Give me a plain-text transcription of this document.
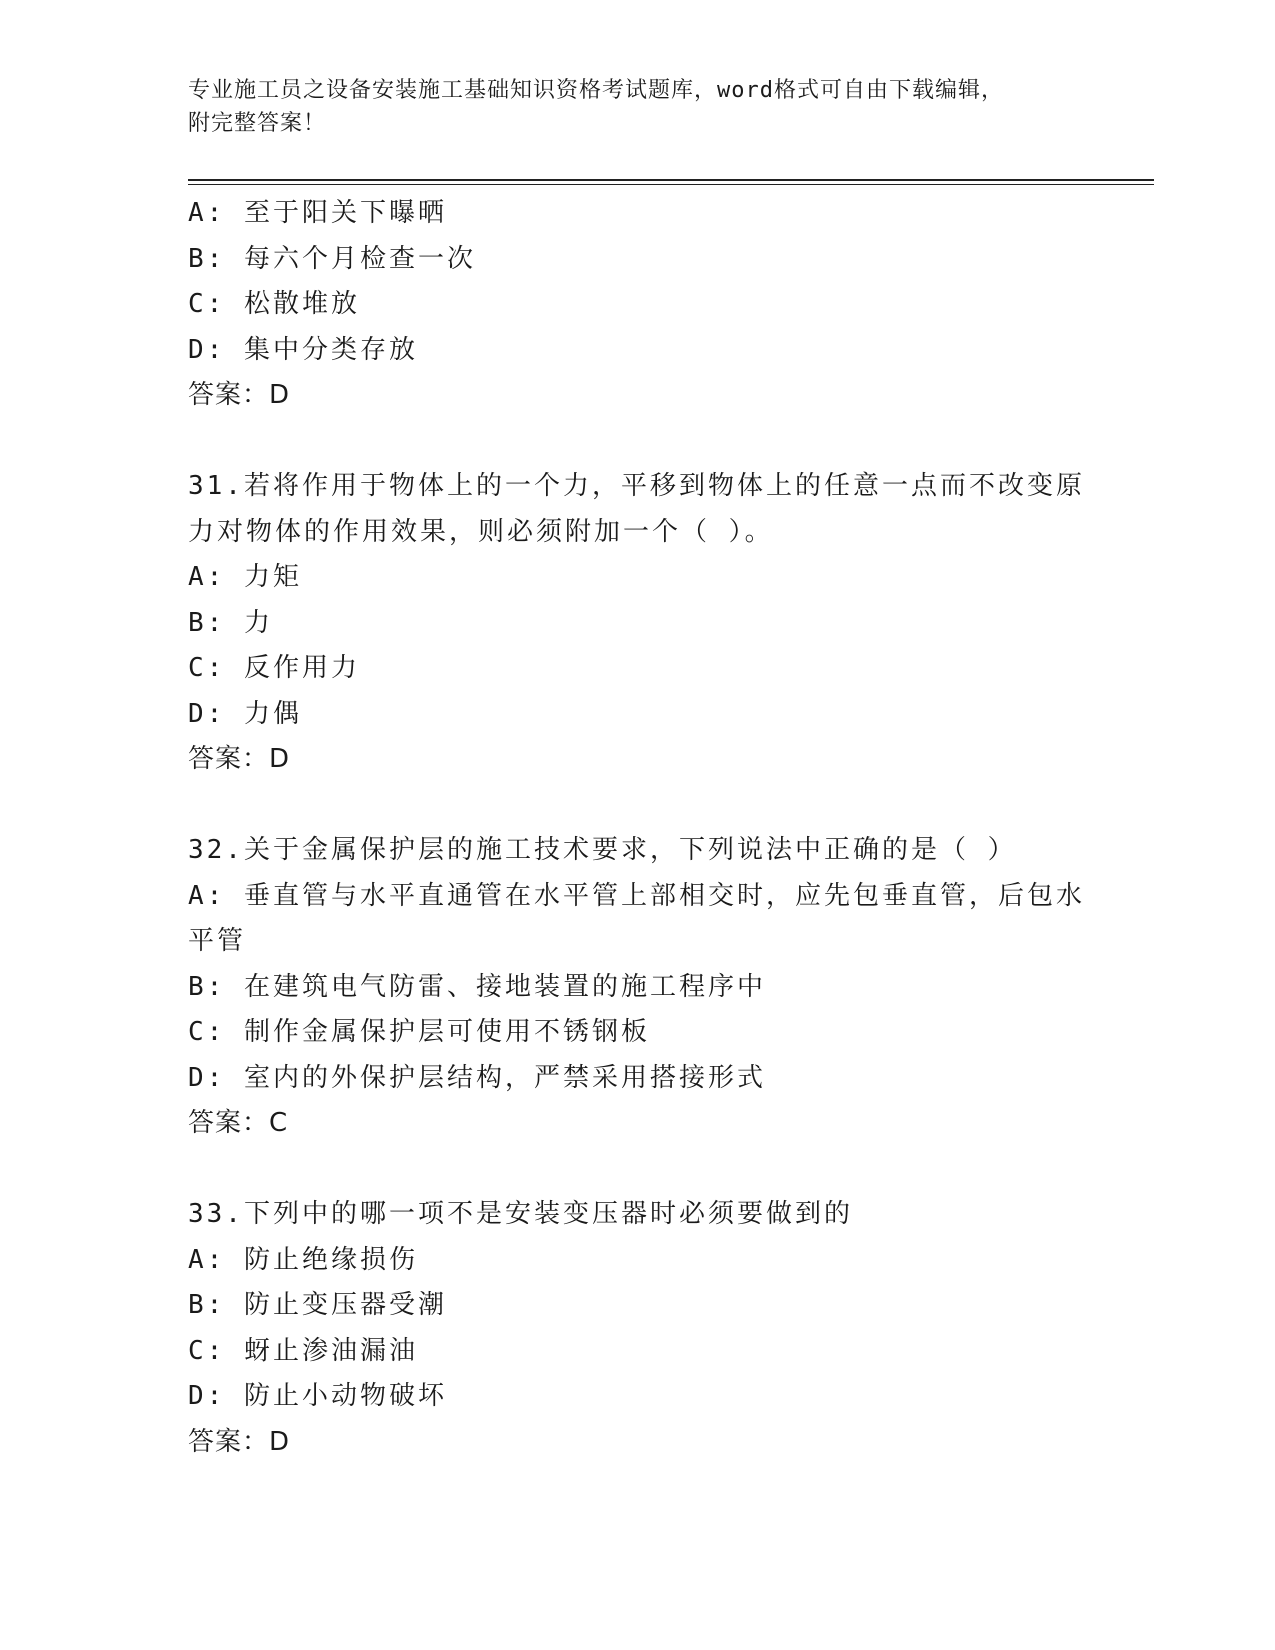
专业施工员之设备安装施工基础知识资格考试题库，word格式可自由下载编辑，
附完整答案！
A: 至于阳关下曝晒
B: 每六个月检查一次
C: 松散堆放
D: 集中分类存放
答案：D
31.若将作用于物体上的一个力，平移到物体上的任意一点而不改变原
力对物体的作用效果，则必须附加一个（ ）。
A: 力矩
B: 力
C: 反作用力
D: 力偶
答案：D
32.关于金属保护层的施工技术要求，下列说法中正确的是（ ）
A: 垂直管与水平直通管在水平管上部相交时，应先包垂直管，后包水
平管
B: 在建筑电气防雷、接地装置的施工程序中
C: 制作金属保护层可使用不锈钢板
D: 室内的外保护层结构，严禁采用搭接形式
答案：C
33.下列中的哪一项不是安装变压器时必须要做到的
A: 防止绝缘损伤
B: 防止变压器受潮
C: 蚜止渗油漏油
D: 防止小动物破坏
答案：D
